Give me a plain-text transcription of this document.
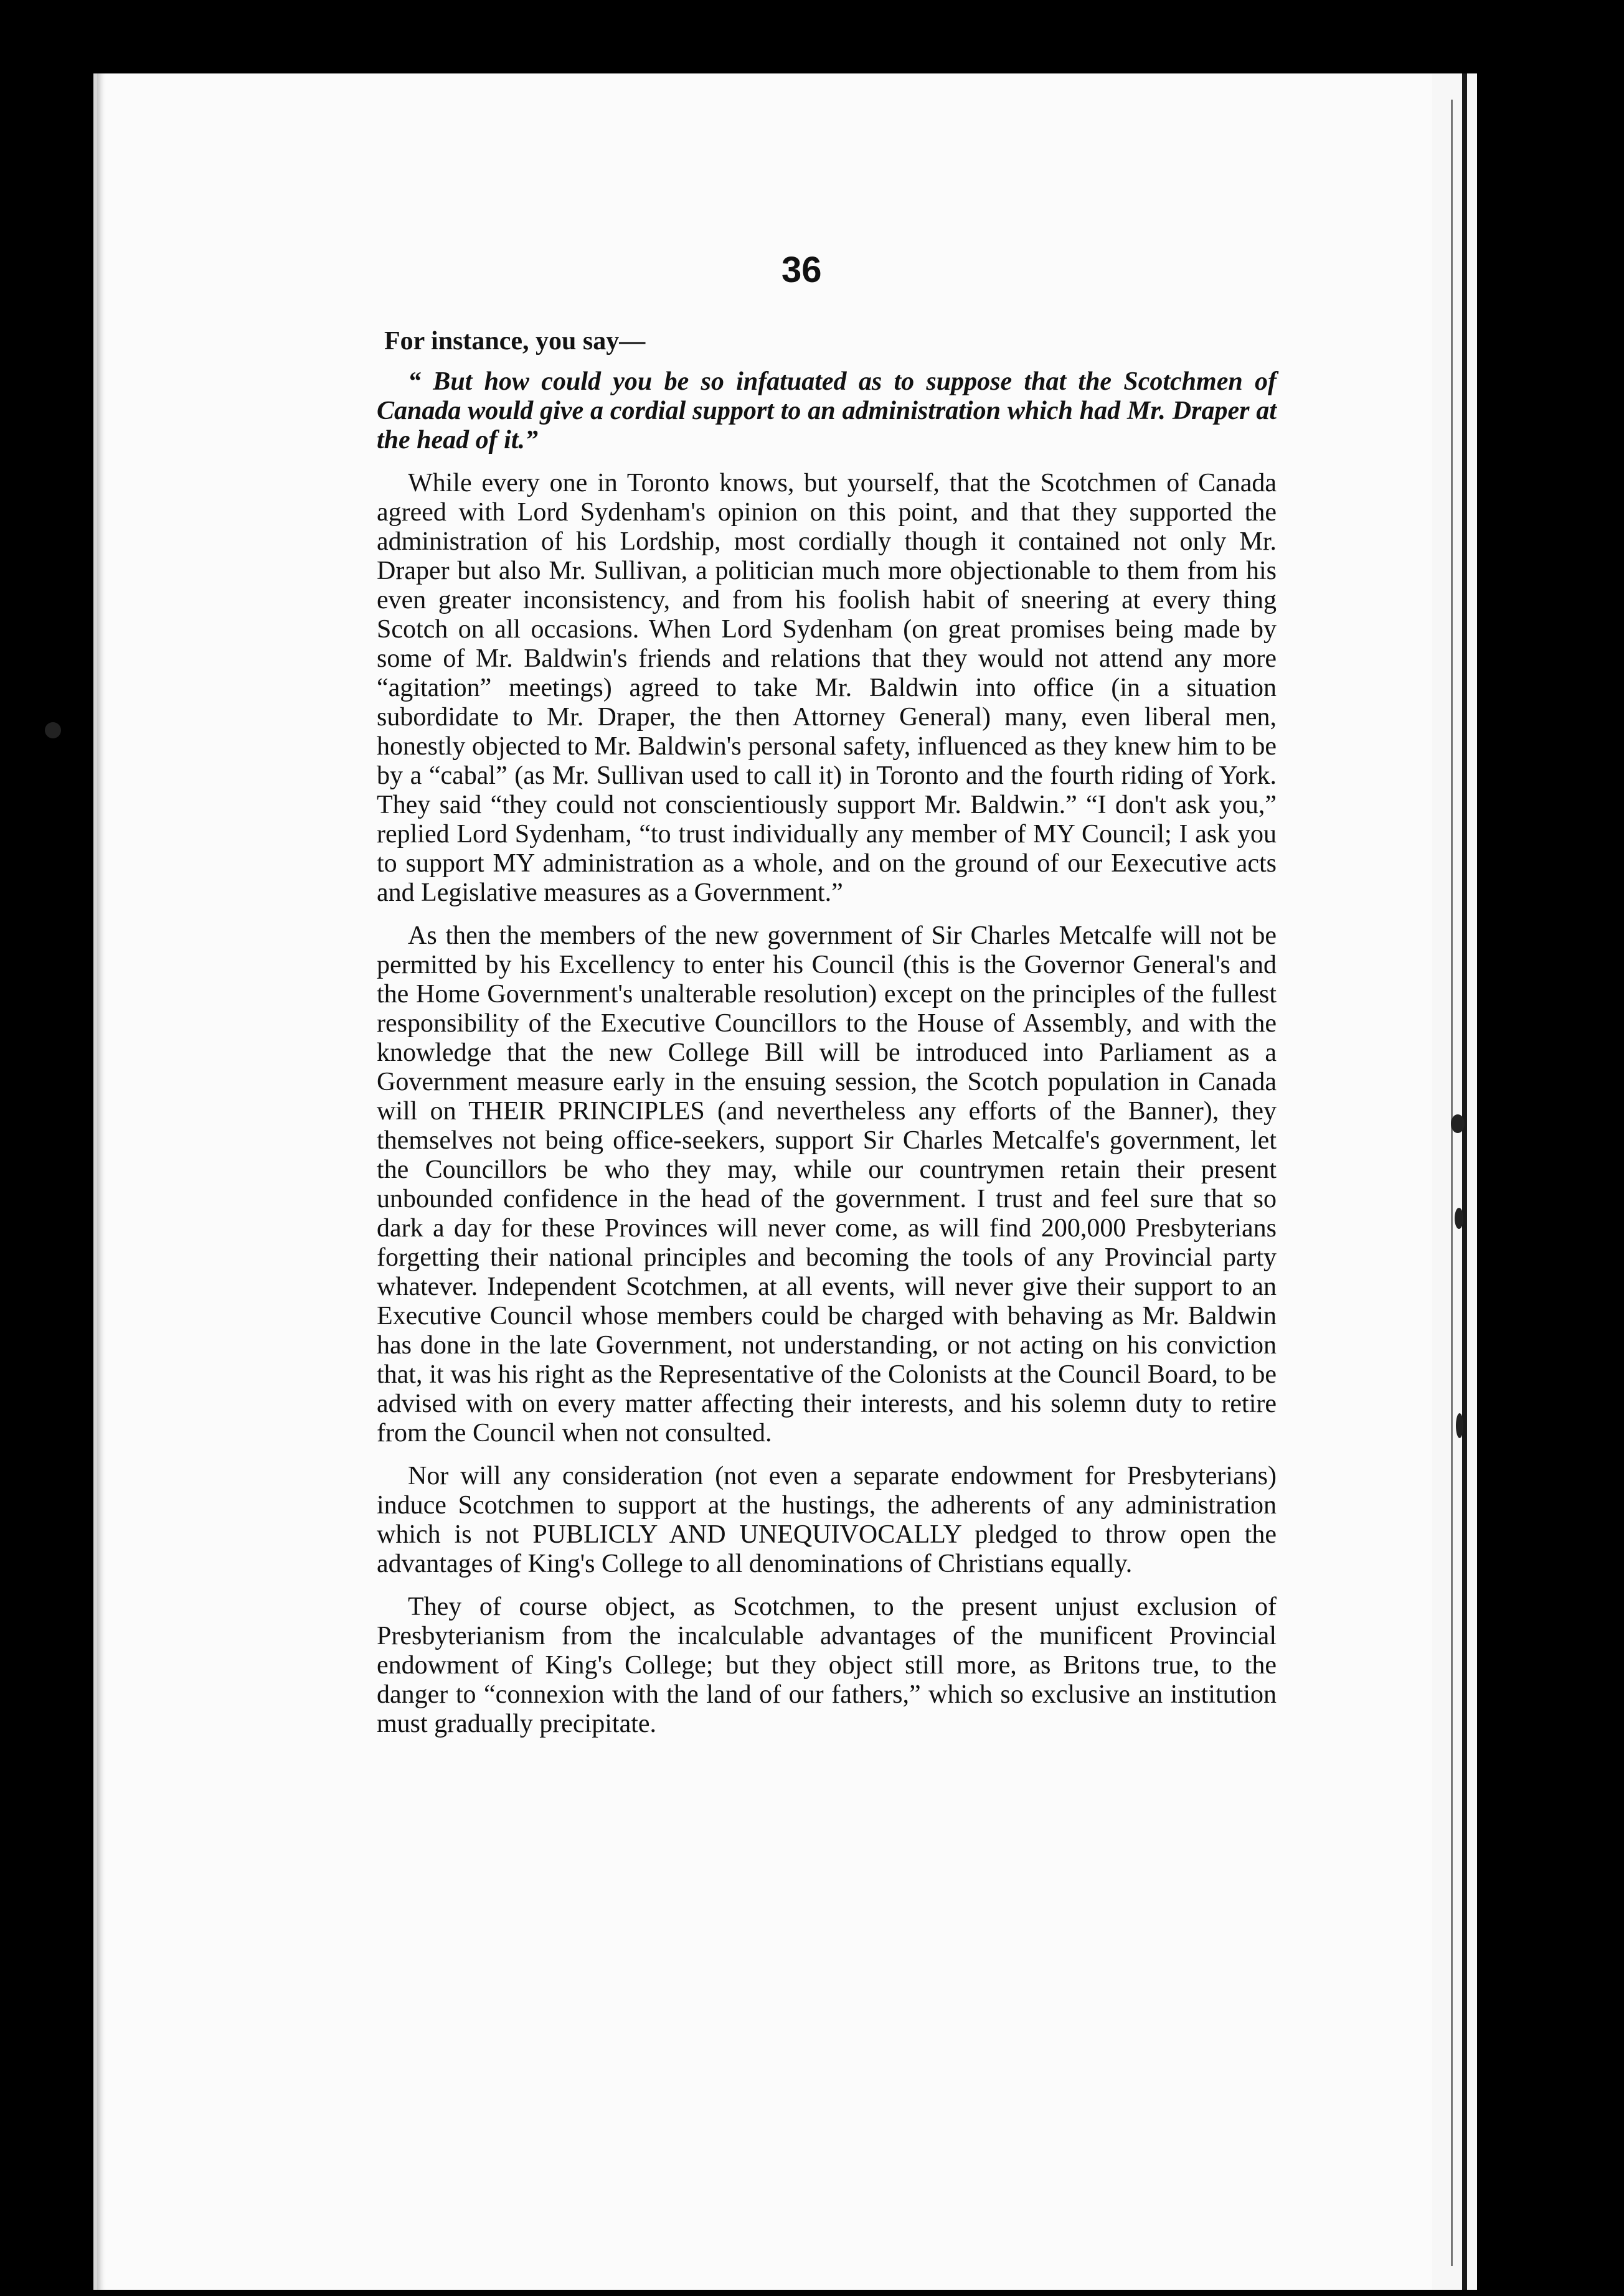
36

For instance, you say—

“ But how could you be so infatuated as to suppose that the Scotchmen of Canada would give a cordial support to an administration which had Mr. Draper at the head of it.”

While every one in Toronto knows, but yourself, that the Scotchmen of Canada agreed with Lord Sydenham's opinion on this point, and that they supported the administration of his Lordship, most cordially though it contained not only Mr. Draper but also Mr. Sullivan, a politician much more objectionable to them from his even greater inconsistency, and from his foolish habit of sneering at every thing Scotch on all occasions. When Lord Sydenham (on great promises being made by some of Mr. Baldwin's friends and relations that they would not attend any more “agitation” meetings) agreed to take Mr. Baldwin into office (in a situation subordidate to Mr. Draper, the then Attorney General) many, even liberal men, honestly objected to Mr. Baldwin's personal safety, influenced as they knew him to be by a “cabal” (as Mr. Sullivan used to call it) in Toronto and the fourth riding of York. They said “they could not conscientiously support Mr. Baldwin.” “I don't ask you,” replied Lord Sydenham, “to trust individually any member of MY Council; I ask you to support MY administration as a whole, and on the ground of our Eexecutive acts and Legislative measures as a Government.”

As then the members of the new government of Sir Charles Metcalfe will not be permitted by his Excellency to enter his Council (this is the Governor General's and the Home Government's unalterable resolution) except on the principles of the fullest responsibility of the Executive Councillors to the House of Assembly, and with the knowledge that the new College Bill will be introduced into Parliament as a Government measure early in the ensuing session, the Scotch population in Canada will on THEIR PRINCIPLES (and nevertheless any efforts of the Banner), they themselves not being office-seekers, support Sir Charles Metcalfe's government, let the Councillors be who they may, while our countrymen retain their present unbounded confidence in the head of the government. I trust and feel sure that so dark a day for these Provinces will never come, as will find 200,000 Presbyterians forgetting their national principles and becoming the tools of any Provincial party whatever. Independent Scotchmen, at all events, will never give their support to an Executive Council whose members could be charged with behaving as Mr. Baldwin has done in the late Government, not understanding, or not acting on his conviction that, it was his right as the Representative of the Colonists at the Council Board, to be advised with on every matter affecting their interests, and his solemn duty to retire from the Council when not consulted.

Nor will any consideration (not even a separate endowment for Presbyterians) induce Scotchmen to support at the hustings, the adherents of any administration which is not PUBLICLY AND UNEQUIVOCALLY pledged to throw open the advantages of King's College to all denominations of Christians equally.

They of course object, as Scotchmen, to the present unjust exclusion of Presbyterianism from the incalculable advantages of the munificent Provincial endowment of King's College; but they object still more, as Britons true, to the danger to “connexion with the land of our fathers,” which so exclusive an institution must gradually precipitate.
